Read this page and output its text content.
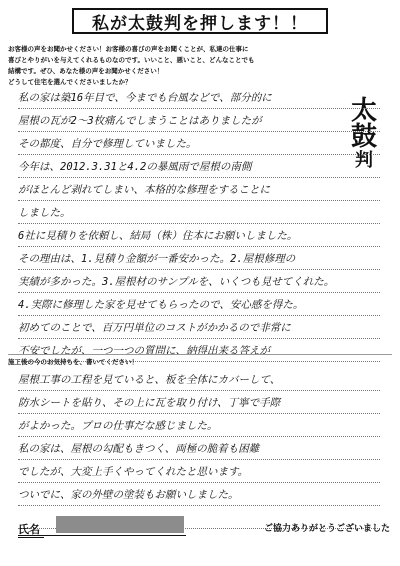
私が太鼓判を押します！！
お客様の声をお聞かせください！お客様の喜びの声をお聞くことが、私達の仕事に
喜びとやりがいを与えてくれるものなのです。いいこと、悪いこと、どんなことでも
結構です。ぜひ、あなた様の声をお聞かせください！
どうして住宅を選んでくださいましたか？
太
鼓
判
私の家は築16年目で、今までも台風などで、部分的に
屋根の瓦が2〜3枚痛んでしまうことはありましたが
その都度、自分で修理していました。
今年は、2012.3.31と4.2の暴風雨で屋根の南側
がほとんど剥れてしまい、本格的な修理をすることに
しました。
6社に見積りを依頼し、結局（株）住本にお願いしました。
その理由は、1.見積り金額が一番安かった。2.屋根修理の
実績が多かった。3.屋根材のサンプルを、いくつも見せてくれた。
4.実際に修理した家を見せてもらったので、安心感を得た。
初めてのことで、百万円単位のコストがかかるので非常に
不安でしたが、一つ一つの質問に、納得出来る答えが
施工後の今のお気持ちを、書いてください！
屋根工事の工程を見ていると、板を全体にカバーして、
防水シートを貼り、その上に瓦を取り付け、丁寧で手際
がよかった。プロの仕事だな感じました。
私の家は、屋根の勾配もきつく、両極の脆着も困難
でしたが、大変上手くやってくれたと思います。
ついでに、家の外壁の塗装もお願いしました。
氏名	ご協力ありがとうございました
